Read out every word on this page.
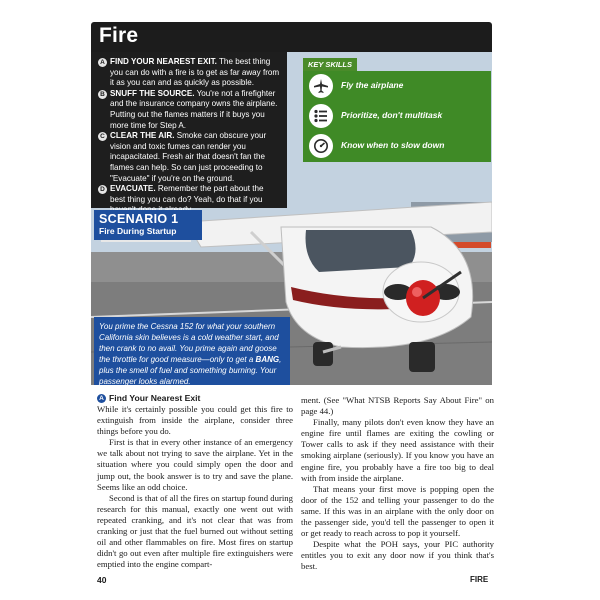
Fire
A FIND YOUR NEAREST EXIT. The best thing you can do with a fire is to get as far away from it as you can and as quickly as possible.
B SNUFF THE SOURCE. You're not a firefighter and the insurance company owns the airplane. Putting out the flames matters if it buys you more time for Step A.
C CLEAR THE AIR. Smoke can obscure your vision and toxic fumes can render you incapacitated. Fresh air that doesn't fan the flames can help. So can just proceeding to "Evacuate" if you're on the ground.
D EVACUATE. Remember the part about the best thing you can do? Yeah, do that if you
KEY SKILLS
Fly the airplane
Prioritize, don't multitask
Know when to slow down
SCENARIO 1
Fire During Startup
You prime the Cessna 152 for what your southern California skin believes is a cold weather start, and then crank to no avail. You prime again and goose the throttle for good measure—only to get a BANG, plus the smell of fuel and something burning. Your passenger looks alarmed.
A Find Your Nearest Exit

While it's certainly possible you could get this fire to extinguish from inside the airplane, consider three things before you do.

First is that in every other instance of an emergency we talk about not trying to save the airplane. Yet in the situation where you could simply open the door and jump out, the book answer is to try and save the plane. Seems like an odd choice.

Second is that of all the fires on startup found during research for this manual, exactly one went out with repeated cranking, and it's not clear that was from cranking or just that the fuel burned out without setting oil and other flammables on fire. Most fires on startup didn't go out even after multiple fire extinguishers were emptied into the engine compart-

ment. (See "What NTSB Reports Say About Fire" on page 44.)

Finally, many pilots don't even know they have an engine fire until flames are exiting the cowling or Tower calls to ask if they need assistance with their smoking airplane (seriously). If you know you have an engine fire, you probably have a fire too big to deal with from inside the airplane.

That means your first move is popping open the door of the 152 and telling your passenger to do the same. If this was in an airplane with the only door on the passenger side, you'd tell the passenger to open it or get ready to reach across to pop it yourself.

Despite what the POH says, your PIC authority entitles you to exit any door now if you think that's best.

40	FIRE
